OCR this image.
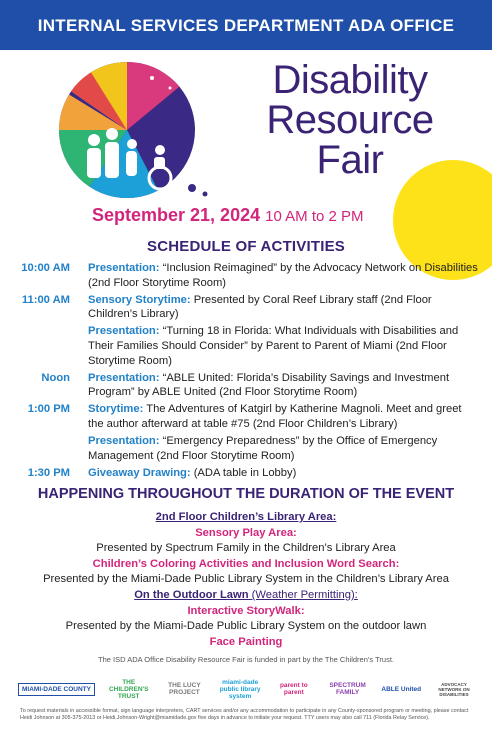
INTERNAL SERVICES DEPARTMENT ADA OFFICE
Disability
Resource
Fair
September 21, 2024 10 AM to 2 PM
SCHEDULE OF ACTIVITIES
10:00 AM	Presentation: “Inclusion Reimagined” by the Advocacy Network on Disabilities (2nd Floor Storytime Room)
11:00 AM	Sensory Storytime: Presented by Coral Reef Library staff (2nd Floor Children’s Library)
Presentation: “Turning 18 in Florida: What Individuals with Disabilities and Their Families Should Consider” by Parent to Parent of Miami (2nd Floor Storytime Room)
Noon	Presentation: “ABLE United: Florida’s Disability Savings and Investment Program” by ABLE United (2nd Floor Storytime Room)
1:00 PM	Storytime: The Adventures of Katgirl by Katherine Magnoli. Meet and greet the author afterward at table #75 (2nd Floor Children’s Library)
Presentation: “Emergency Preparedness” by the Office of Emergency Management (2nd Floor Storytime Room)
1:30 PM	Giveaway Drawing: (ADA table in Lobby)
HAPPENING THROUGHOUT THE DURATION OF THE EVENT
2nd Floor Children’s Library Area:
Sensory Play Area:
Presented by Spectrum Family in the Children’s Library Area
Children’s Coloring Activities and Inclusion Word Search:
Presented by the Miami-Dade Public Library System in the Children’s Library Area
On the Outdoor Lawn (Weather Permitting):
Interactive StoryWalk:
Presented by the Miami-Dade Public Library System on the outdoor lawn
Face Painting
The ISD ADA Office Disability Resource Fair is funded in part by the The Children’s Trust.
MIAMI-DADE COUNTY
THE CHILDREN'S TRUST
THE LUCY PROJECT
miami-dade public library system
parent to parent
SPECTRUM FAMILY	ABLE United
ADVOCACY NETWORK ON DISABILITIES
To request materials in accessible format, sign language interpreters, CART services and/or any accommodation to participate in any County-sponsored program or meeting, please contact Heidi Johnson at 305-375-2013 or Heidi.Johnson-Wright@miamidade.gov five days in advance to initiate your request. TTY users may also call 711 (Florida Relay Service).
